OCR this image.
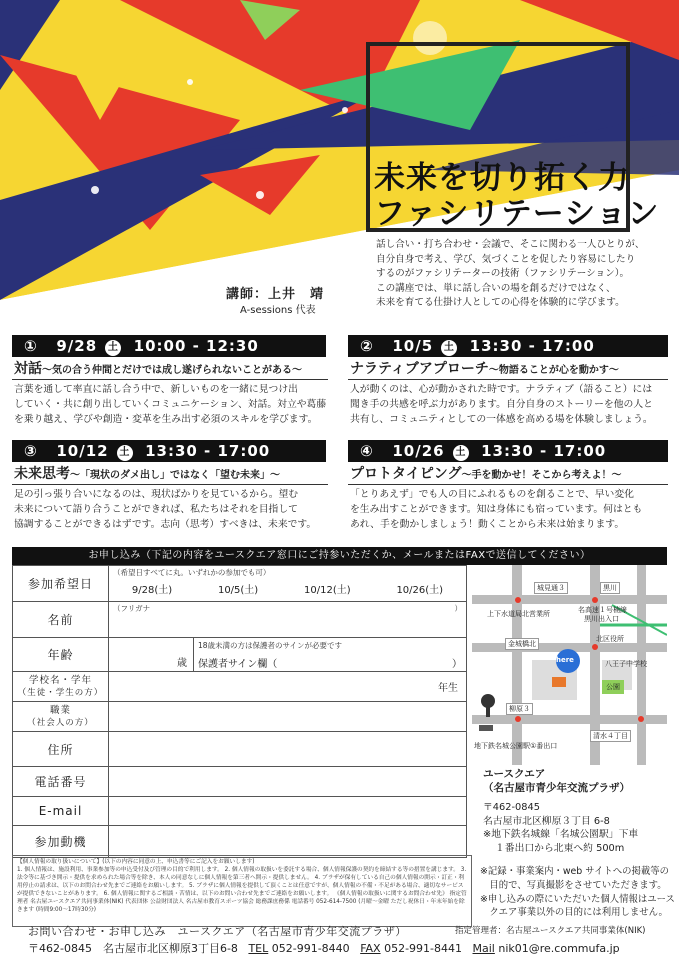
未来を切り拓く力
ファシリテーション
話し合い・打ち合わせ・会議で、そこに関わる一人ひとりが、
自分自身で考え、学び、気づくことを促したり容易にしたり
するのがファシリテーターの技術（ファシリテーション）。
この講座では、単に話し合いの場を創るだけではなく、
未来を育てる仕掛け人としての心得を体験的に学びます。
講師：上井　靖
A-sessions 代表
① 9/28 土 10:00 - 12:30
対話〜気の合う仲間とだけでは成し遂げられないことがある〜
言葉を通して率直に話し合う中で、新しいものを一緒に見つけ出
していく・共に創り出していくコミュニケーション、対話。対立や葛藤
を乗り越え、学びや創造・変革を生み出す必須のスキルを学びます。
② 10/5 土 13:30 - 17:00
ナラティブアプローチ〜物語ることが心を動かす〜
人が動くのは、心が動かされた時です。ナラティブ（語ること）には
聞き手の共感を呼ぶ力があります。自分自身のストーリーを他の人と
共有し、コミュニティとしての一体感を高める場を体験しましょう。
③ 10/12 土 13:30 - 17:00
未来思考〜「現状のダメ出し」ではなく「望む未来」〜
足の引っ張り合いになるのは、現状ばかりを見ているから。望む
未来について語り合うことができれば、私たちはそれを目指して
協調することができるはずです。志向（思考）すべきは、未来です。
④ 10/26 土 13:30 - 17:00
プロトタイピング〜手を動かせ！そこから考えよ！〜
「とりあえず」でも人の目にふれるものを創ることで、早い変化
を生み出すことができます。知は身体にも宿っています。何はとも
あれ、手を動かしましょう！動くことから未来は始まります。
お申し込み（下記の内容をユースクエア窓口にご持参いただくか、メールまたはFAXで送信してください）
参加希望日	（希望日すべてに丸。いずれかの参加でも可）
9/28(土) 10/5(土) 10/12(土) 10/26(土)

名前	（フリガナ ）

年齢	歳
18歳未満の方は保護者のサインが必要です
保護者サイン欄（ ）

学校名・学年
（生徒・学生の方）	年生

職業
（社会人の方）	

住所	
電話番号	
E-mail	
参加動機	
城見通３	黒川
上下水道局北営業所	名高速１号楠線
黒川出入口
金城橋北
北区役所
here	八王子中学校
公園
柳原３
清水４丁目
地下鉄名城公園駅①番出口
ユースクエア
（名古屋市青少年交流プラザ）
〒462-0845
名古屋市北区柳原３丁目 6-8
※地下鉄名城線「名城公園駅」下車
１番出口から北東へ約 500m
【個人情報の取り扱いについて】(以下の内容に同意の上、申込書等にご記入をお願いします)
1. 個人情報は、施設利用、事業参加等の申込受付及び管理の目的で利用します。 2. 個人情報の取扱いを委託する場合、個人情報保護の契約を締結する等の措置を講じます。 3. 法令等に基づき開示・提供を求められた場合等を除き、本人の同意なしに個人情報を第三者へ開示・提供しません。 4. ブラザが保有している自己の個人情報の開示・訂正・利用停止の請求は、以下のお問合わせ先までご連絡をお願いします。 5. ブラザに個人情報を提供して頂くことは任意ですが、個人情報の不備・不足がある場合、適切なサービスが提供できないことがあります。 6. 個人情報に関するご相談・苦情は、以下のお問い合わせ先までご連絡をお願いします。 《個人情報の取扱いに関するお問合わせ先》 指定管理者 名古屋ユースクエア共同事業体(NIK) 代表団体 公益財団法人 名古屋市教育スポーツ協会 総務課庶務係 電話番号 052-614-7500 (月曜〜金曜 ただし祝休日・年末年始を除きます (時間9:00〜17時30分)
※記録・事業案内・web サイトへの掲載等の
　目的で、写真撮影をさせていただきます。
※申し込みの際にいただいた個人情報はユース
　クエア事業以外の目的には利用しません。
お問い合わせ・お申し込み　ユースクエア（名古屋市青少年交流プラザ）	指定管理者：名古屋ユースクエア共同事業体(NIK)
〒462-0845　名古屋市北区柳原3丁目6-8 TEL 052-991-8440 FAX 052-991-8441 Mail nik01@re.commufa.jp
